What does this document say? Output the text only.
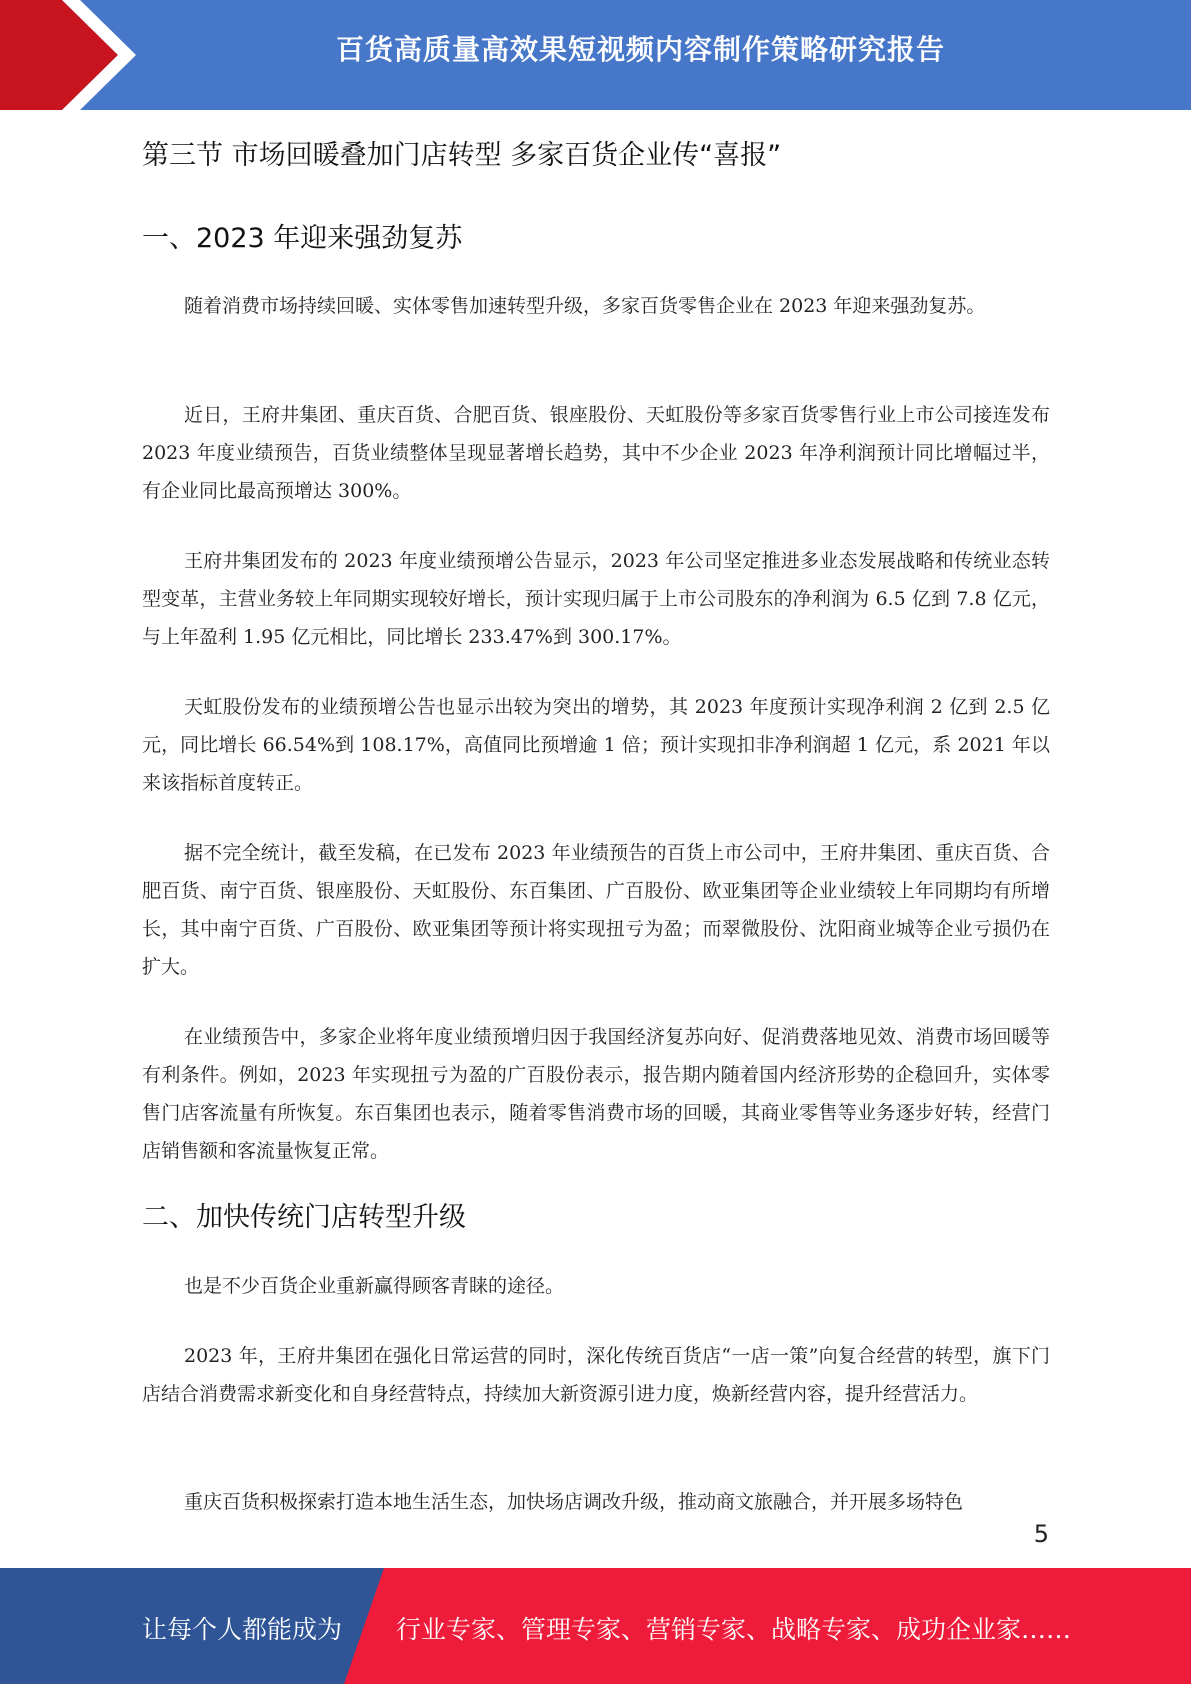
百货高质量高效果短视频内容制作策略研究报告
第三节 市场回暖叠加门店转型 多家百货企业传“喜报”
一、2023 年迎来强劲复苏

随着消费市场持续回暖、实体零售加速转型升级，多家百货零售企业在 2023 年迎来强劲复苏。

近日，王府井集团、重庆百货、合肥百货、银座股份、天虹股份等多家百货零售行业上市公司接连发布 2023 年度业绩预告，百货业绩整体呈现显著增长趋势，其中不少企业 2023 年净利润预计同比增幅过半，有企业同比最高预增达 300%。

王府井集团发布的 2023 年度业绩预增公告显示，2023 年公司坚定推进多业态发展战略和传统业态转型变革，主营业务较上年同期实现较好增长，预计实现归属于上市公司股东的净利润为 6.5 亿到 7.8 亿元，与上年盈利 1.95 亿元相比，同比增长 233.47%到 300.17%。

天虹股份发布的业绩预增公告也显示出较为突出的增势，其 2023 年度预计实现净利润 2 亿到 2.5 亿元，同比增长 66.54%到 108.17%，高值同比预增逾 1 倍；预计实现扣非净利润超 1 亿元，系 2021 年以来该指标首度转正。

据不完全统计，截至发稿，在已发布 2023 年业绩预告的百货上市公司中，王府井集团、重庆百货、合肥百货、南宁百货、银座股份、天虹股份、东百集团、广百股份、欧亚集团等企业业绩较上年同期均有所增长，其中南宁百货、广百股份、欧亚集团等预计将实现扭亏为盈；而翠微股份、沈阳商业城等企业亏损仍在扩大。

在业绩预告中，多家企业将年度业绩预增归因于我国经济复苏向好、促消费落地见效、消费市场回暖等有利条件。例如，2023 年实现扭亏为盈的广百股份表示，报告期内随着国内经济形势的企稳回升，实体零售门店客流量有所恢复。东百集团也表示，随着零售消费市场的回暖，其商业零售等业务逐步好转，经营门店销售额和客流量恢复正常。

二、加快传统门店转型升级

也是不少百货企业重新赢得顾客青睐的途径。

2023 年，王府井集团在强化日常运营的同时，深化传统百货店“一店一策”向复合经营的转型，旗下门店结合消费需求新变化和自身经营特点，持续加大新资源引进力度，焕新经营内容，提升经营活力。

重庆百货积极探索打造本地生活生态，加快场店调改升级，推动商文旅融合，并开展多场特色

5
让每个人都能成为 行业专家、管理专家、营销专家、战略专家、成功企业家……
